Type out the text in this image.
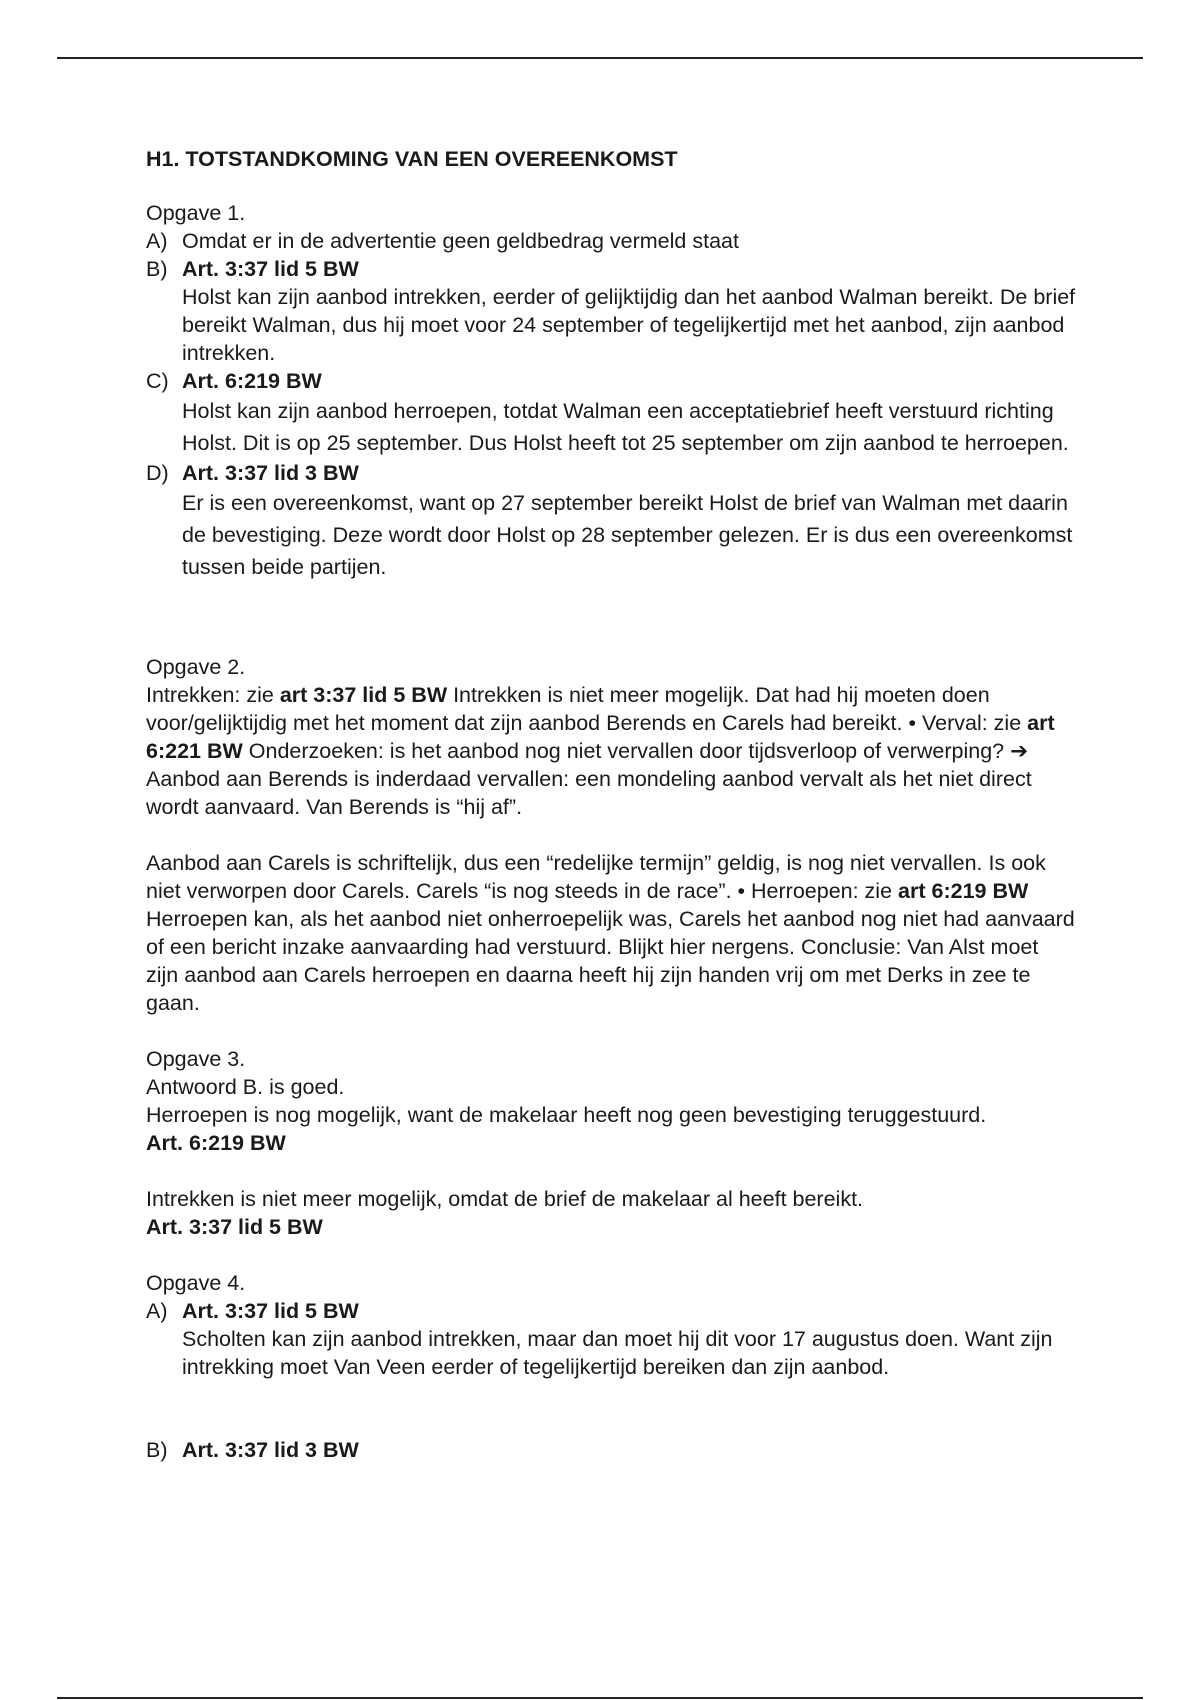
H1. TOTSTANDKOMING VAN EEN OVEREENKOMST

Opgave 1.

A) Omdat er in de advertentie geen geldbedrag vermeld staat

B) Art. 3:37 lid 5 BW

Holst kan zijn aanbod intrekken, eerder of gelijktijdig dan het aanbod Walman bereikt. De brief bereikt Walman, dus hij moet voor 24 september of tegelijkertijd met het aanbod, zijn aanbod intrekken.

C) Art. 6:219 BW

Holst kan zijn aanbod herroepen, totdat Walman een acceptatiebrief heeft verstuurd richting Holst. Dit is op 25 september. Dus Holst heeft tot 25 september om zijn aanbod te herroepen.

D) Art. 3:37 lid 3 BW

Er is een overeenkomst, want op 27 september bereikt Holst de brief van Walman met daarin de bevestiging. Deze wordt door Holst op 28 september gelezen. Er is dus een overeenkomst tussen beide partijen.

Opgave 2.

Intrekken: zie art 3:37 lid 5 BW Intrekken is niet meer mogelijk. Dat had hij moeten doen voor/gelijktijdig met het moment dat zijn aanbod Berends en Carels had bereikt. • Verval: zie art 6:221 BW Onderzoeken: is het aanbod nog niet vervallen door tijdsverloop of verwerping? ➔ Aanbod aan Berends is inderdaad vervallen: een mondeling aanbod vervalt als het niet direct wordt aanvaard. Van Berends is “hij af”.

Aanbod aan Carels is schriftelijk, dus een “redelijke termijn” geldig, is nog niet vervallen. Is ook niet verworpen door Carels. Carels “is nog steeds in de race”. • Herroepen: zie art 6:219 BW Herroepen kan, als het aanbod niet onherroepelijk was, Carels het aanbod nog niet had aanvaard of een bericht inzake aanvaarding had verstuurd. Blijkt hier nergens. Conclusie: Van Alst moet zijn aanbod aan Carels herroepen en daarna heeft hij zijn handen vrij om met Derks in zee te gaan.

Opgave 3.

Antwoord B. is goed.

Herroepen is nog mogelijk, want de makelaar heeft nog geen bevestiging teruggestuurd.

Art. 6:219 BW

Intrekken is niet meer mogelijk, omdat de brief de makelaar al heeft bereikt.

Art. 3:37 lid 5 BW

Opgave 4.

A) Art. 3:37 lid 5 BW

Scholten kan zijn aanbod intrekken, maar dan moet hij dit voor 17 augustus doen. Want zijn intrekking moet Van Veen eerder of tegelijkertijd bereiken dan zijn aanbod.

B) Art. 3:37 lid 3 BW
